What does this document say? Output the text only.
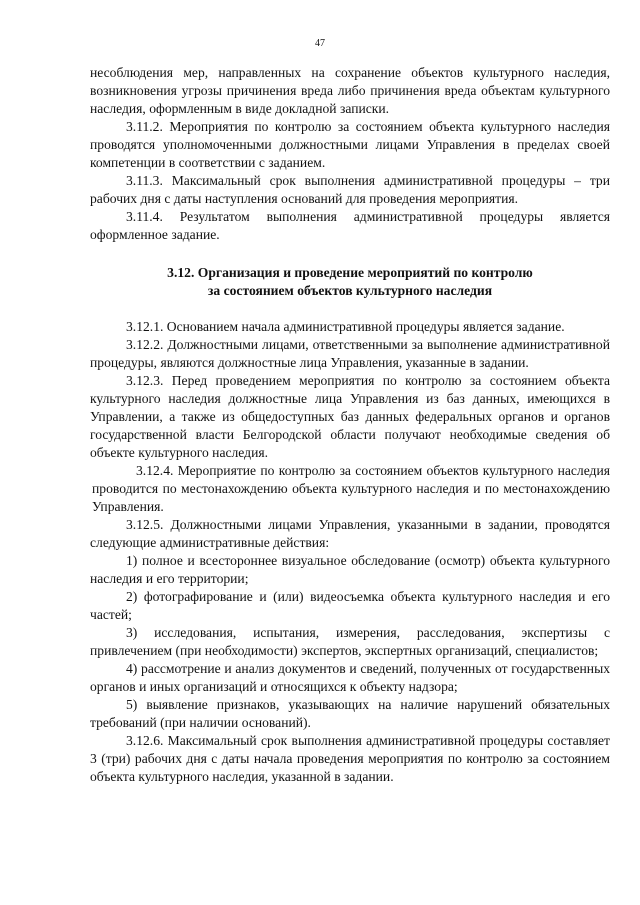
47

несоблюдения мер, направленных на сохранение объектов культурного наследия, возникновения угрозы причинения вреда либо причинения вреда объектам культурного наследия, оформленным в виде докладной записки.

3.11.2. Мероприятия по контролю за состоянием объекта культурного наследия проводятся уполномоченными должностными лицами Управления в пределах своей компетенции в соответствии с заданием.

3.11.3. Максимальный срок выполнения административной процедуры – три рабочих дня с даты наступления оснований для проведения мероприятия.

3.11.4. Результатом выполнения административной процедуры является оформленное задание.

3.12. Организация и проведение мероприятий по контролю
за состоянием объектов культурного наследия

3.12.1. Основанием начала административной процедуры является задание.

3.12.2. Должностными лицами, ответственными за выполнение административной процедуры, являются должностные лица Управления, указанные в задании.

3.12.3. Перед проведением мероприятия по контролю за состоянием объекта культурного наследия должностные лица Управления из баз данных, имеющихся в Управлении, а также из общедоступных баз данных федеральных органов и органов государственной власти Белгородской области получают необходимые сведения об объекте культурного наследия.

3.12.4. Мероприятие по контролю за состоянием объектов культурного наследия проводится по местонахождению объекта культурного наследия и по местонахождению Управления.

3.12.5. Должностными лицами Управления, указанными в задании, проводятся следующие административные действия:

1) полное и всестороннее визуальное обследование (осмотр) объекта культурного наследия и его территории;

2) фотографирование и (или) видеосъемка объекта культурного наследия и его частей;

3) исследования, испытания, измерения, расследования, экспертизы с привлечением (при необходимости) экспертов, экспертных организаций, специалистов;

4) рассмотрение и анализ документов и сведений, полученных от государственных органов и иных организаций и относящихся к объекту надзора;

5) выявление признаков, указывающих на наличие нарушений обязательных требований (при наличии оснований).

3.12.6. Максимальный срок выполнения административной процедуры составляет 3 (три) рабочих дня с даты начала проведения мероприятия по контролю за состоянием объекта культурного наследия, указанной в задании.
